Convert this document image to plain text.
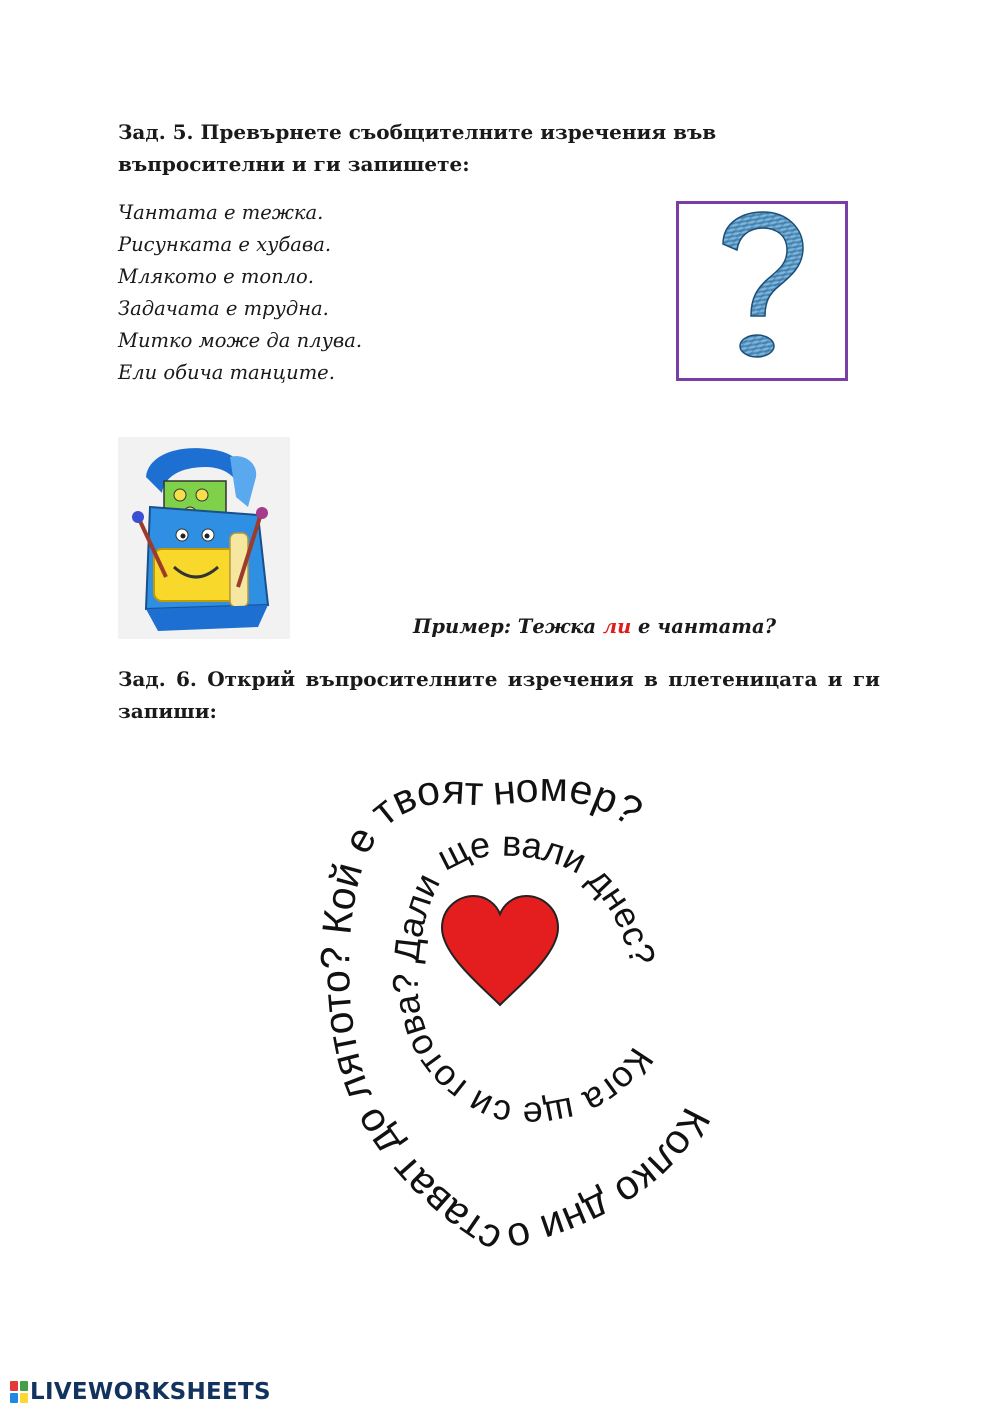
Зад. 5. Превърнете съобщителните изречения във въпросителни и ги запишете:
Чантата е тежка.
Рисунката е хубава.
Млякото е топло.
Задачата е трудна.
Митко може да плува.
Ели обича танците.
Пример: Тежка ли е чантата?
Зад. 6. Открий въпросителните изречения в плетеницата и ги
запиши:
Колко дни остават до лятото? Кой е твоят номер?
Кога ще си готова? Дали ще вали днес?
LIVEWORKSHEETS
